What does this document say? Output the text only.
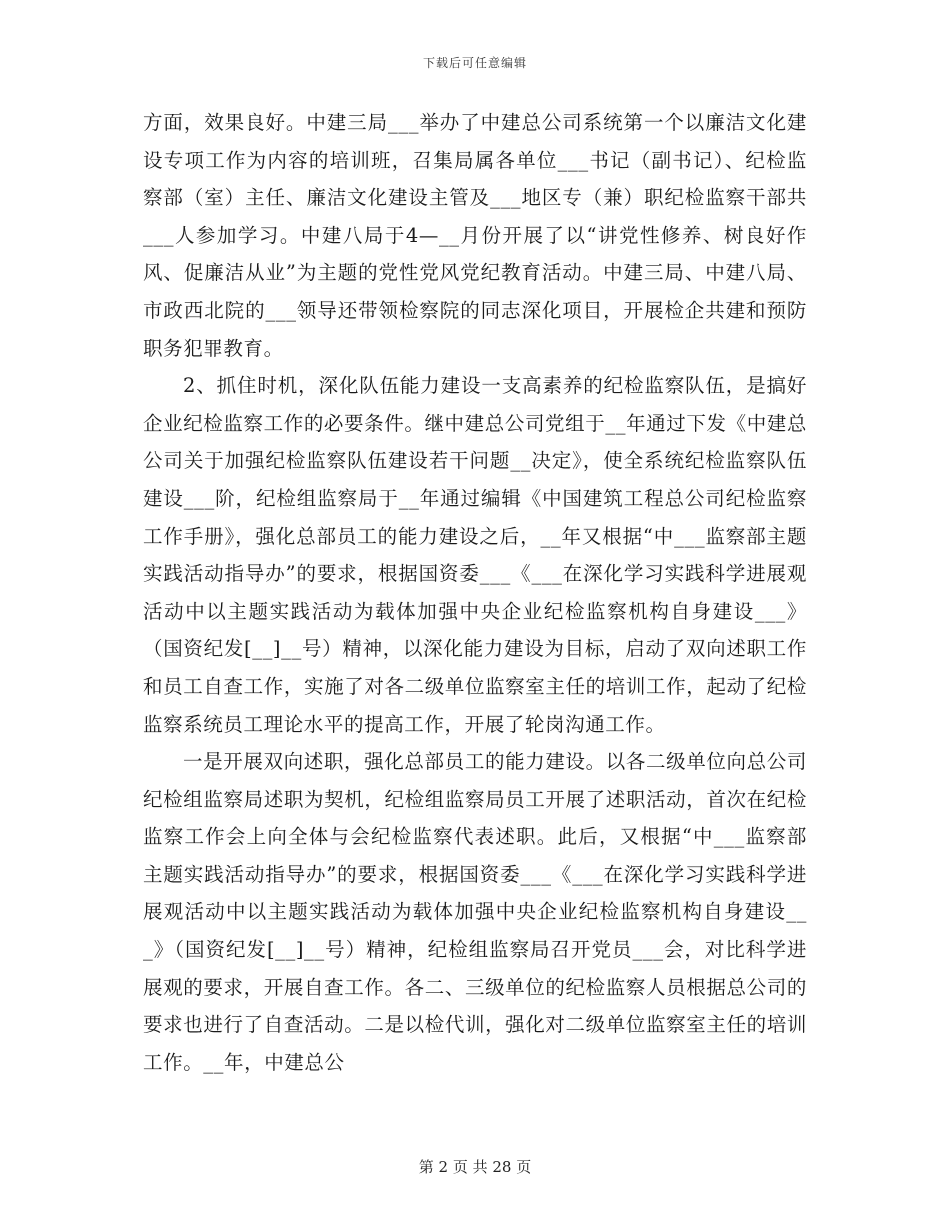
下载后可任意编辑

方面，效果良好。中建三局___举办了中建总公司系统第一个以廉洁文化建设专项工作为内容的培训班，召集局属各单位___书记（副书记）、纪检监察部（室）主任、廉洁文化建设主管及___地区专（兼）职纪检监察干部共___人参加学习。中建八局于4—__月份开展了以“讲党性修养、树良好作风、促廉洁从业”为主题的党性党风党纪教育活动。中建三局、中建八局、市政西北院的___领导还带领检察院的同志深化项目，开展检企共建和预防职务犯罪教育。

2、抓住时机，深化队伍能力建设一支高素养的纪检监察队伍，是搞好企业纪检监察工作的必要条件。继中建总公司党组于__年通过下发《中建总公司关于加强纪检监察队伍建设若干问题__决定》，使全系统纪检监察队伍建设___阶，纪检组监察局于__年通过编辑《中国建筑工程总公司纪检监察工作手册》，强化总部员工的能力建设之后，__年又根据“中___监察部主题实践活动指导办”的要求，根据国资委___《___在深化学习实践科学进展观活动中以主题实践活动为载体加强中央企业纪检监察机构自身建设___》（国资纪发[__]__号）精神，以深化能力建设为目标，启动了双向述职工作和员工自查工作，实施了对各二级单位监察室主任的培训工作，起动了纪检监察系统员工理论水平的提高工作，开展了轮岗沟通工作。

一是开展双向述职，强化总部员工的能力建设。以各二级单位向总公司纪检组监察局述职为契机，纪检组监察局员工开展了述职活动，首次在纪检监察工作会上向全体与会纪检监察代表述职。此后，又根据“中___监察部主题实践活动指导办”的要求，根据国资委___《___在深化学习实践科学进展观活动中以主题实践活动为载体加强中央企业纪检监察机构自身建设___》（国资纪发[__]__号）精神，纪检组监察局召开党员___会，对比科学进展观的要求，开展自查工作。各二、三级单位的纪检监察人员根据总公司的要求也进行了自查活动。二是以检代训，强化对二级单位监察室主任的培训工作。__年，中建总公

第 2 页 共 28 页
